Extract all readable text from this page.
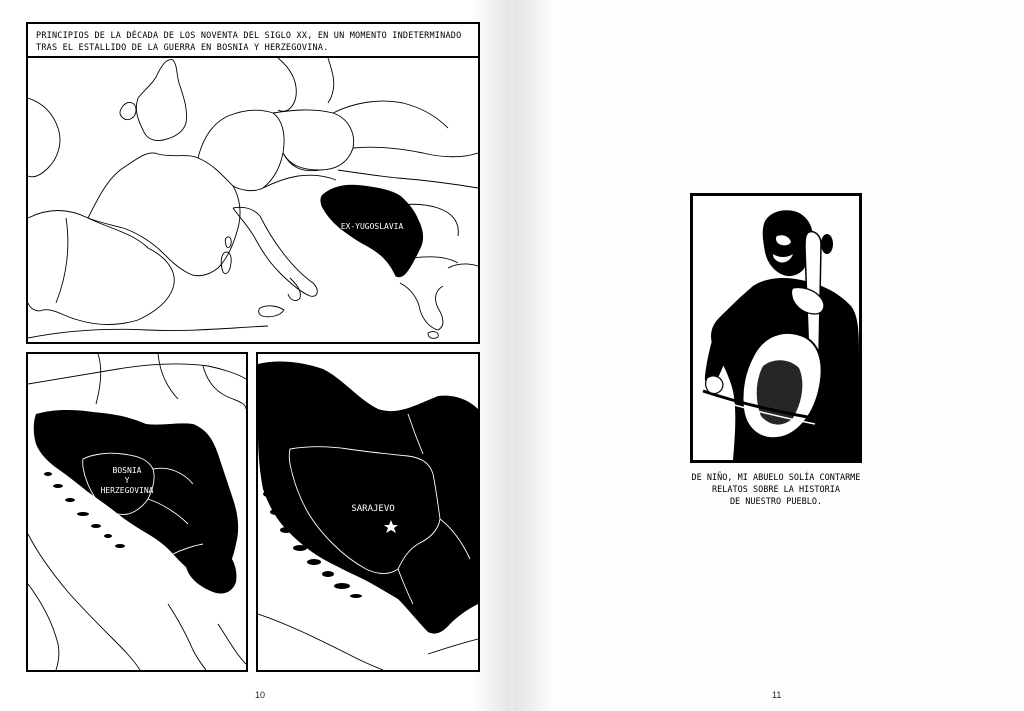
PRINCIPIOS DE LA DÉCADA DE LOS NOVENTA DEL SIGLO XX, EN UN MOMENTO INDETERMINADO TRAS EL ESTALLIDO DE LA GUERRA EN BOSNIA Y HERZEGOVINA.
EX-YUGOSLAVIA
BOSNIA
Y
HERZEGOVINA
SARAJEVO
10
DE NIÑO, MI ABUELO SOLÍA CONTARME
RELATOS SOBRE LA HISTORIA
DE NUESTRO PUEBLO.
11
